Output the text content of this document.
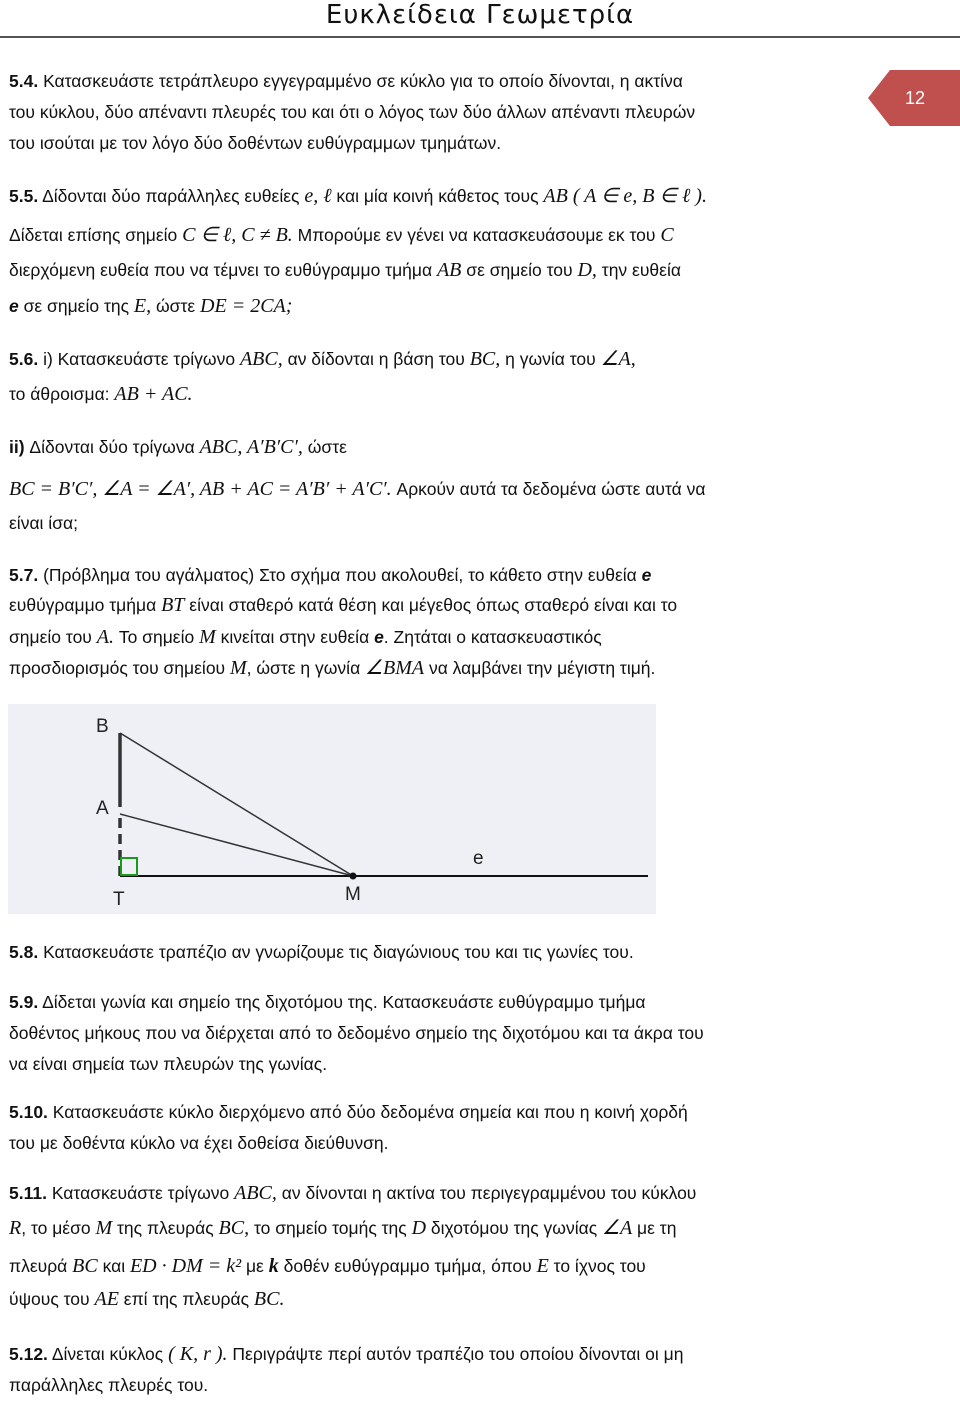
Ευκλείδεια Γεωμετρία
12
5.4. Κατασκευάστε τετράπλευρο εγγεγραμμένο σε κύκλο για το οποίο δίνονται, η ακτίνα
του κύκλου, δύο απέναντι πλευρές του και ότι ο λόγος των δύο άλλων απέναντι πλευρών
του ισούται με τον λόγο δύο δοθέντων ευθύγραμμων τμημάτων.
5.5. Δίδονται δύο παράλληλες ευθείες e, ℓ και μία κοινή κάθετος τους AB ( A ∈ e, B ∈ ℓ ).
Δίδεται επίσης σημείο C ∈ ℓ, C ≠ B. Μπορούμε εν γένει να κατασκευάσουμε εκ του C
διερχόμενη ευθεία που να τέμνει το ευθύγραμμο τμήμα AB σε σημείο του D, την ευθεία
e σε σημείο της E, ώστε DE = 2CA;
5.6. i) Κατασκευάστε τρίγωνο ABC, αν δίδονται η βάση του BC, η γωνία του ∠A,
το άθροισμα: AB + AC.
ii) Δίδονται δύο τρίγωνα ABC, A′B′C′, ώστε
BC = B′C′, ∠A = ∠A′, AB + AC = A′B′ + A′C′. Αρκούν αυτά τα δεδομένα ώστε αυτά να
είναι ίσα;
5.7. (Πρόβλημα του αγάλματος) Στο σχήμα που ακολουθεί, το κάθετο στην ευθεία e
ευθύγραμμο τμήμα BT είναι σταθερό κατά θέση και μέγεθος όπως σταθερό είναι και το
σημείο του A. Το σημείο M κινείται στην ευθεία e. Ζητάται ο κατασκευαστικός
προσδιορισμός του σημείου M, ώστε η γωνία ∠BMA να λαμβάνει την μέγιστη τιμή.
B
A
T	M
e
5.8. Κατασκευάστε τραπέζιο αν γνωρίζουμε τις διαγώνιους του και τις γωνίες του.
5.9. Δίδεται γωνία και σημείο της διχοτόμου της. Κατασκευάστε ευθύγραμμο τμήμα
δοθέντος μήκους που να διέρχεται από το δεδομένο σημείο της διχοτόμου και τα άκρα του
να είναι σημεία των πλευρών της γωνίας.
5.10. Κατασκευάστε κύκλο διερχόμενο από δύο δεδομένα σημεία και που η κοινή χορδή
του με δοθέντα κύκλο να έχει δοθείσα διεύθυνση.
5.11. Κατασκευάστε τρίγωνο ABC, αν δίνονται η ακτίνα του περιγεγραμμένου του κύκλου
R, το μέσο M της πλευράς BC, το σημείο τομής της D διχοτόμου της γωνίας ∠A με τη
πλευρά BC και ED · DM = k² με k δοθέν ευθύγραμμο τμήμα, όπου E το ίχνος του
ύψους του AE επί της πλευράς BC.
5.12. Δίνεται κύκλος ( K, r ). Περιγράψτε περί αυτόν τραπέζιο του οποίου δίνονται οι μη
παράλληλες πλευρές του.
